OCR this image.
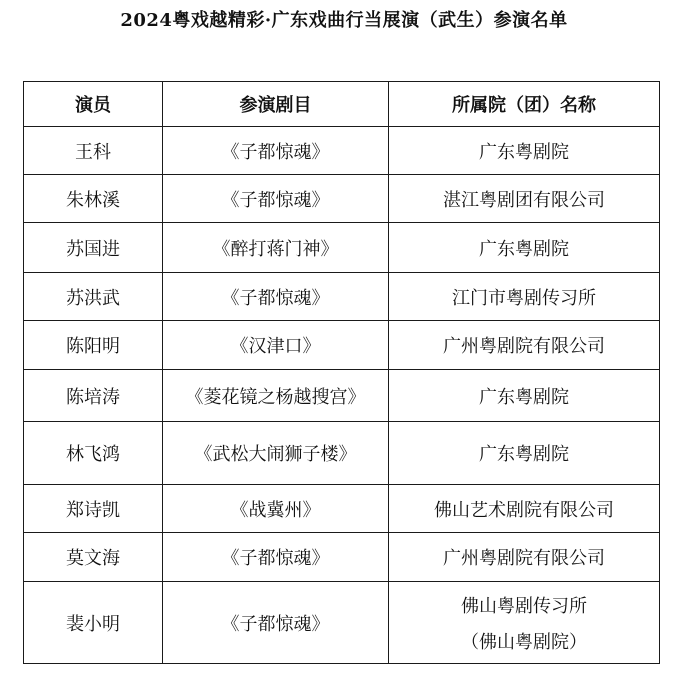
2024粤戏越精彩·广东戏曲行当展演（武生）参演名单
演员	参演剧目	所属院（团）名称
王科	《子都惊魂》	广东粤剧院
朱林溪	《子都惊魂》	湛江粤剧团有限公司
苏国进	《醉打蒋门神》	广东粤剧院
苏洪武	《子都惊魂》	江门市粤剧传习所
陈阳明	《汉津口》	广州粤剧院有限公司
陈培涛	《菱花镜之杨越搜宫》	广东粤剧院
林飞鸿	《武松大闹狮子楼》	广东粤剧院
郑诗凯	《战冀州》	佛山艺术剧院有限公司
莫文海	《子都惊魂》	广州粤剧院有限公司
裴小明	《子都惊魂》	佛山粤剧传习所
（佛山粤剧院）
